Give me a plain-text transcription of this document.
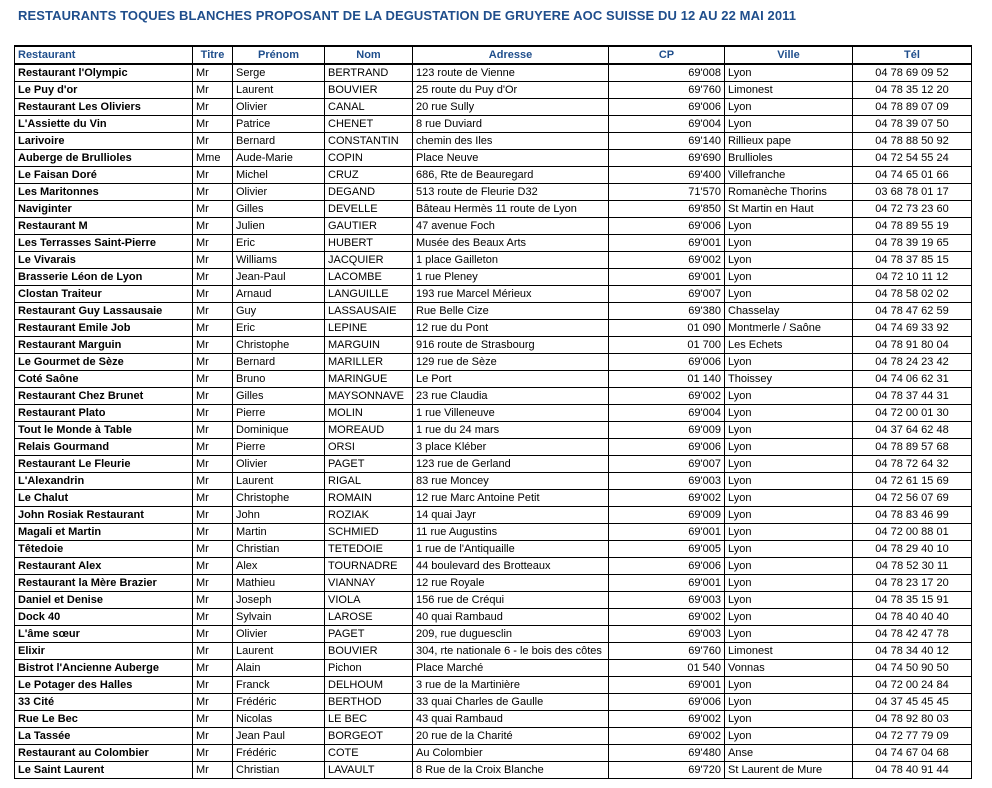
RESTAURANTS TOQUES BLANCHES PROPOSANT DE LA DEGUSTATION DE GRUYERE AOC SUISSE DU 12 AU 22 MAI 2011
Restaurant	Titre	Prénom	Nom	Adresse	CP	Ville	Tél
Restaurant l'Olympic	Mr	Serge	BERTRAND	123 route de Vienne	69'008	Lyon	04 78 69 09 52
Le Puy d'or	Mr	Laurent	BOUVIER	25 route du Puy d'Or	69'760	Limonest	04 78 35 12 20
Restaurant Les Oliviers	Mr	Olivier	CANAL	20 rue Sully	69'006	Lyon	04 78 89 07 09
L'Assiette du Vin	Mr	Patrice	CHENET	8 rue Duviard	69'004	Lyon	04 78 39 07 50
Larivoire	Mr	Bernard	CONSTANTIN	chemin des Iles	69'140	Rillieux pape	04 78 88 50 92
Auberge de Brullioles	Mme	Aude-Marie	COPIN	Place Neuve	69'690	Brullioles	04 72 54 55 24
Le Faisan Doré	Mr	Michel	CRUZ	686, Rte de Beauregard	69'400	Villefranche	04 74 65 01 66
Les Maritonnes	Mr	Olivier	DEGAND	513 route de Fleurie D32	71'570	Romanèche Thorins	03 68 78 01 17
Naviginter	Mr	Gilles	DEVELLE	Bâteau Hermès 11 route de Lyon	69'850	St Martin en Haut	04 72 73 23 60
Restaurant M	Mr	Julien	GAUTIER	47 avenue Foch	69'006	Lyon	04 78 89 55 19
Les Terrasses Saint-Pierre	Mr	Eric	HUBERT	Musée des Beaux Arts	69'001	Lyon	04 78 39 19 65
Le Vivarais	Mr	Williams	JACQUIER	1 place Gailleton	69'002	Lyon	04 78 37 85 15
Brasserie Léon de Lyon	Mr	Jean-Paul	LACOMBE	1 rue Pleney	69'001	Lyon	04 72 10 11 12
Clostan Traiteur	Mr	Arnaud	LANGUILLE	193 rue Marcel Mérieux	69'007	Lyon	04 78 58 02 02
Restaurant Guy Lassausaie	Mr	Guy	LASSAUSAIE	Rue Belle Cize	69'380	Chasselay	04 78 47 62 59
Restaurant Emile Job	Mr	Eric	LEPINE	12 rue du Pont	01 090	Montmerle / Saône	04 74 69 33 92
Restaurant Marguin	Mr	Christophe	MARGUIN	916 route de Strasbourg	01 700	Les Echets	04 78 91 80 04
Le Gourmet de Sèze	Mr	Bernard	MARILLER	129 rue de Sèze	69'006	Lyon	04 78 24 23 42
Coté Saône	Mr	Bruno	MARINGUE	Le Port	01 140	Thoissey	04 74 06 62 31
Restaurant Chez Brunet	Mr	Gilles	MAYSONNAVE	23 rue Claudia	69'002	Lyon	04 78 37 44 31
Restaurant Plato	Mr	Pierre	MOLIN	1 rue Villeneuve	69'004	Lyon	04 72 00 01 30
Tout le Monde à Table	Mr	Dominique	MOREAUD	1 rue du 24 mars	69'009	Lyon	04 37 64 62 48
Relais Gourmand	Mr	Pierre	ORSI	3 place Kléber	69'006	Lyon	04 78 89 57 68
Restaurant Le Fleurie	Mr	Olivier	PAGET	123 rue de Gerland	69'007	Lyon	04 78 72 64 32
L'Alexandrin	Mr	Laurent	RIGAL	83 rue Moncey	69'003	Lyon	04 72 61 15 69
Le Chalut	Mr	Christophe	ROMAIN	12 rue Marc Antoine Petit	69'002	Lyon	04 72 56 07 69
John Rosiak Restaurant	Mr	John	ROZIAK	14 quai Jayr	69'009	Lyon	04 78 83 46 99
Magali et Martin	Mr	Martin	SCHMIED	11 rue Augustins	69'001	Lyon	04 72 00 88 01
Têtedoie	Mr	Christian	TETEDOIE	1 rue de l'Antiquaille	69'005	Lyon	04 78 29 40 10
Restaurant Alex	Mr	Alex	TOURNADRE	44 boulevard des Brotteaux	69'006	Lyon	04 78 52 30 11
Restaurant la Mère Brazier	Mr	Mathieu	VIANNAY	12 rue Royale	69'001	Lyon	04 78 23 17 20
Daniel et Denise	Mr	Joseph	VIOLA	156 rue de Créqui	69'003	Lyon	04 78 35 15 91
Dock 40	Mr	Sylvain	LAROSE	40 quai Rambaud	69'002	Lyon	04 78 40 40 40
L'âme sœur	Mr	Olivier	PAGET	209, rue duguesclin	69'003	Lyon	04 78 42 47 78
Elixir	Mr	Laurent	BOUVIER	304, rte nationale 6 - le bois des côtes	69'760	Limonest	04 78 34 40 12
Bistrot l'Ancienne Auberge	Mr	Alain	Pichon	Place Marché	01 540	Vonnas	04 74 50 90 50
Le Potager des Halles	Mr	Franck	DELHOUM	3 rue de la Martinière	69'001	Lyon	04 72 00 24 84
33 Cité	Mr	Frédéric	BERTHOD	33 quai Charles de Gaulle	69'006	Lyon	04 37 45 45 45
Rue Le Bec	Mr	Nicolas	LE BEC	43 quai Rambaud	69'002	Lyon	04 78 92 80 03
La Tassée	Mr	Jean Paul	BORGEOT	20 rue de la Charité	69'002	Lyon	04 72 77 79 09
Restaurant au Colombier	Mr	Frédéric	COTE	Au Colombier	69'480	Anse	04 74 67 04 68
Le Saint Laurent	Mr	Christian	LAVAULT	8 Rue de la Croix Blanche	69'720	St Laurent de Mure	04 78 40 91 44
